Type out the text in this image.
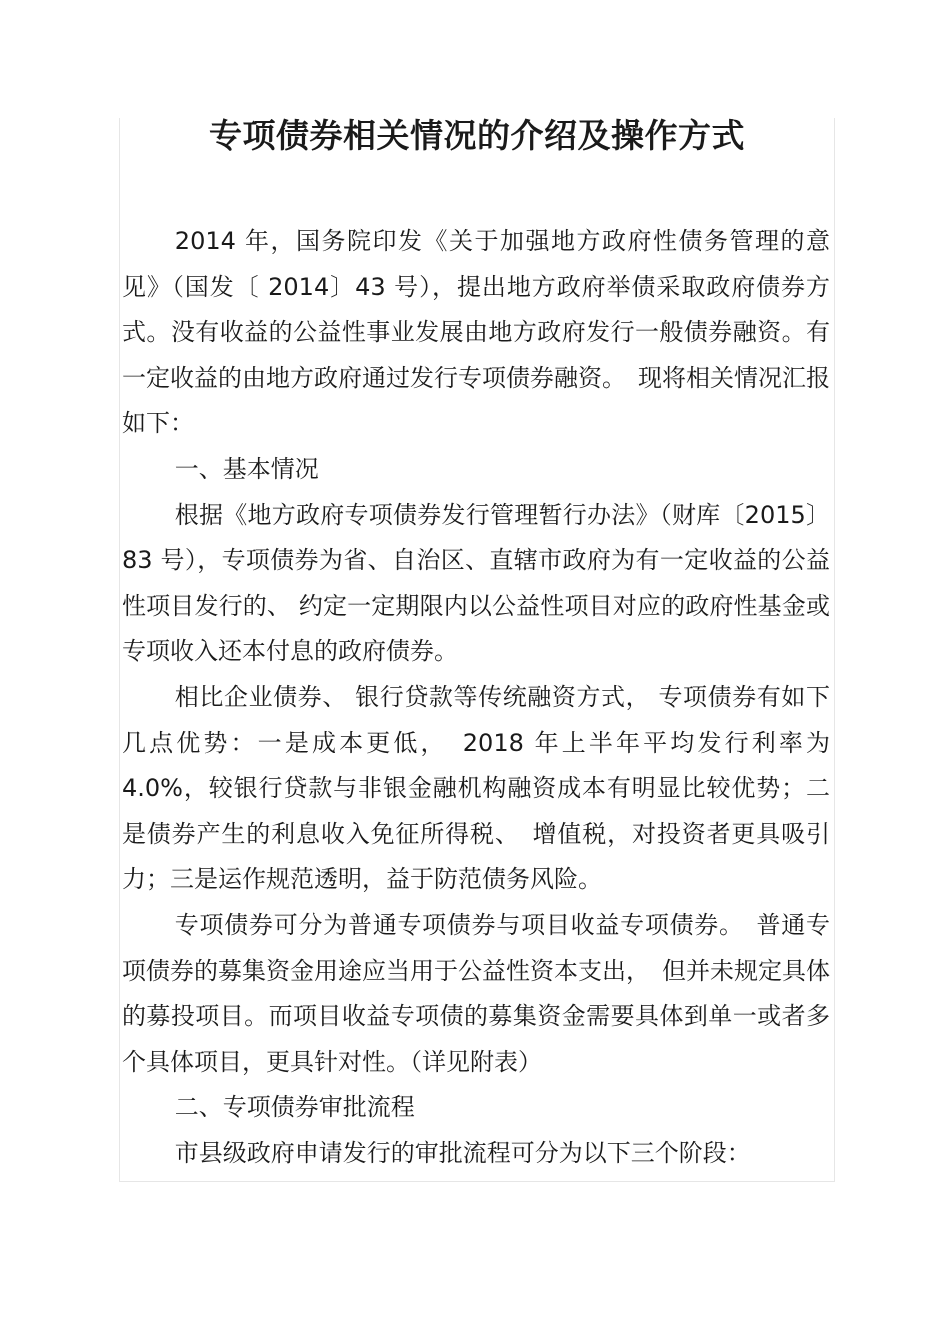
专项债券相关情况的介绍及操作方式

2014 年，国务院印发《关于加强地方政府性债务管理的意见》（国发〔 2014〕43 号），提出地方政府举债采取政府债券方式。没有收益的公益性事业发展由地方政府发行一般债券融资。有一定收益的由地方政府通过发行专项债券融资。　现将相关情况汇报如下：

一、基本情况

根据《地方政府专项债券发行管理暂行办法》（财库〔2015〕83 号），专项债券为省、自治区、直辖市政府为有一定收益的公益性项目发行的、 约定一定期限内以公益性项目对应的政府性基金或专项收入还本付息的政府债券。

相比企业债券、 银行贷款等传统融资方式， 专项债券有如下几点优势：一是成本更低，　2018 年上半年平均发行利率为 4.0%，较银行贷款与非银金融机构融资成本有明显比较优势；二是债券产生的利息收入免征所得税、　增值税，对投资者更具吸引力；三是运作规范透明，益于防范债务风险。

专项债券可分为普通专项债券与项目收益专项债券。　普通专项债券的募集资金用途应当用于公益性资本支出，　但并未规定具体的募投项目。而项目收益专项债的募集资金需要具体到单一或者多个具体项目，更具针对性。（详见附表）

二、专项债券审批流程

市县级政府申请发行的审批流程可分为以下三个阶段：
